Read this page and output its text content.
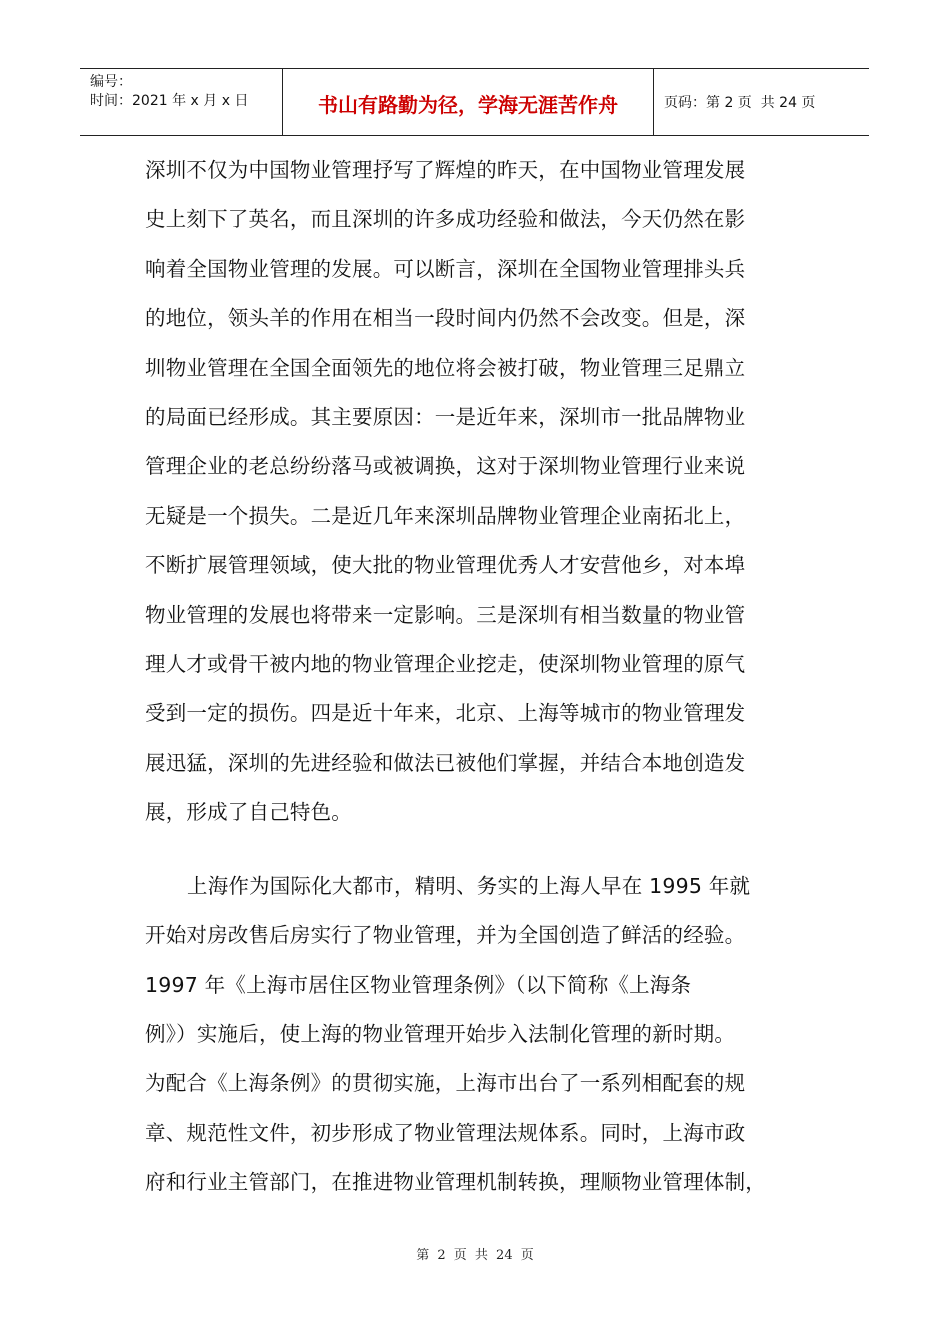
编号：
时间：2021 年 x 月 x 日	书山有路勤为径，学海无涯苦作舟	页码：第 2 页  共 24 页

深圳不仅为中国物业管理抒写了辉煌的昨天，在中国物业管理发展
史上刻下了英名，而且深圳的许多成功经验和做法，今天仍然在影
响着全国物业管理的发展。可以断言，深圳在全国物业管理排头兵
的地位，领头羊的作用在相当一段时间内仍然不会改变。但是，深
圳物业管理在全国全面领先的地位将会被打破，物业管理三足鼎立
的局面已经形成。其主要原因：一是近年来，深圳市一批品牌物业
管理企业的老总纷纷落马或被调换，这对于深圳物业管理行业来说
无疑是一个损失。二是近几年来深圳品牌物业管理企业南拓北上，
不断扩展管理领域，使大批的物业管理优秀人才安营他乡，对本埠
物业管理的发展也将带来一定影响。三是深圳有相当数量的物业管
理人才或骨干被内地的物业管理企业挖走，使深圳物业管理的原气
受到一定的损伤。四是近十年来，北京、上海等城市的物业管理发
展迅猛，深圳的先进经验和做法已被他们掌握，并结合本地创造发
展，形成了自己特色。

上海作为国际化大都市，精明、务实的上海人早在 1995 年就
开始对房改售后房实行了物业管理，并为全国创造了鲜活的经验。
1997 年《上海市居住区物业管理条例》（以下简称《上海条
例》）实施后，使上海的物业管理开始步入法制化管理的新时期。
为配合《上海条例》的贯彻实施，上海市出台了一系列相配套的规
章、规范性文件，初步形成了物业管理法规体系。同时，上海市政
府和行业主管部门，在推进物业管理机制转换，理顺物业管理体制，

第 2 页 共 24 页
